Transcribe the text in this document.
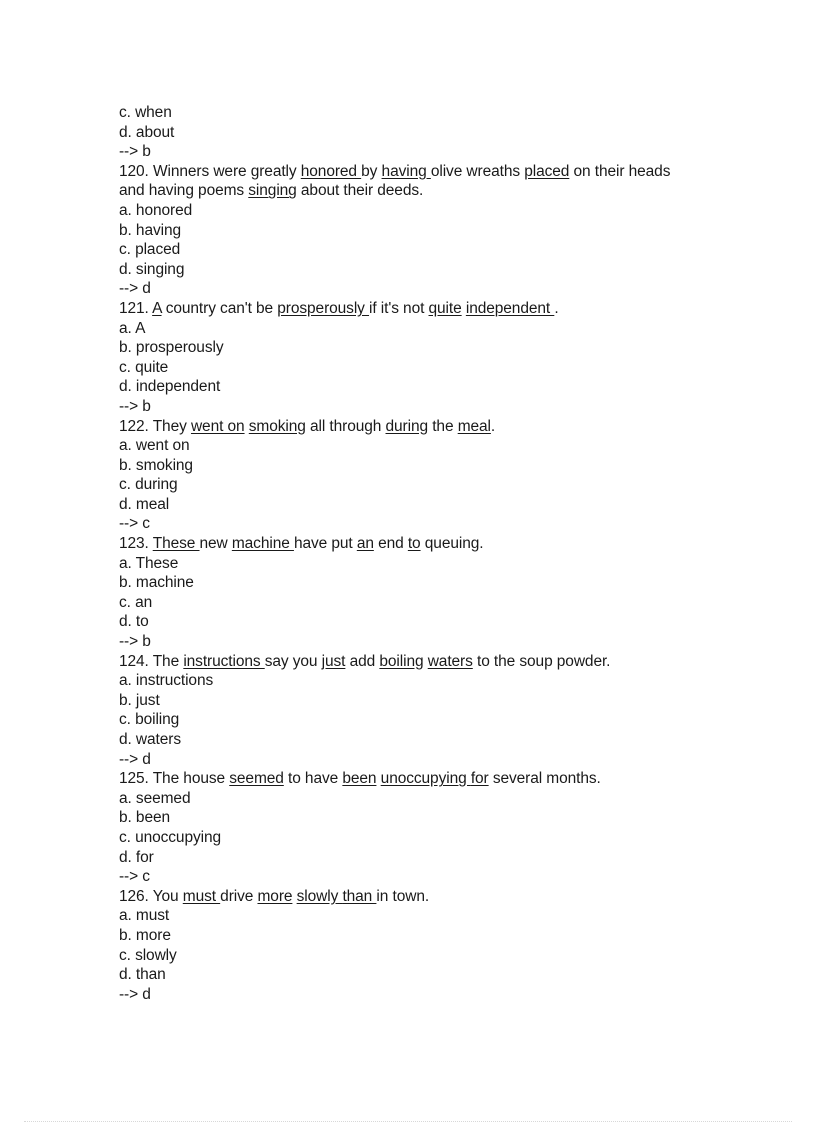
c. when
d. about
--> b
120. Winners were greatly honored by having olive wreaths placed on their heads and having poems singing about their deeds.
a. honored
b. having
c. placed
d. singing
--> d
121. A country can't be prosperously if it's not quite independent .
a. A
b. prosperously
c. quite
d. independent
--> b
122. They went on smoking all through during the meal.
a. went on
b. smoking
c. during
d. meal
--> c
123. These new machine have put an end to queuing.
a. These
b. machine
c. an
d. to
--> b
124. The instructions say you just add boiling waters to the soup powder.
a. instructions
b. just
c. boiling
d. waters
--> d
125. The house seemed to have been unoccupying for several months.
a. seemed
b. been
c. unoccupying
d. for
--> c
126. You must drive more slowly than in town.
a. must
b. more
c. slowly
d. than
--> d
